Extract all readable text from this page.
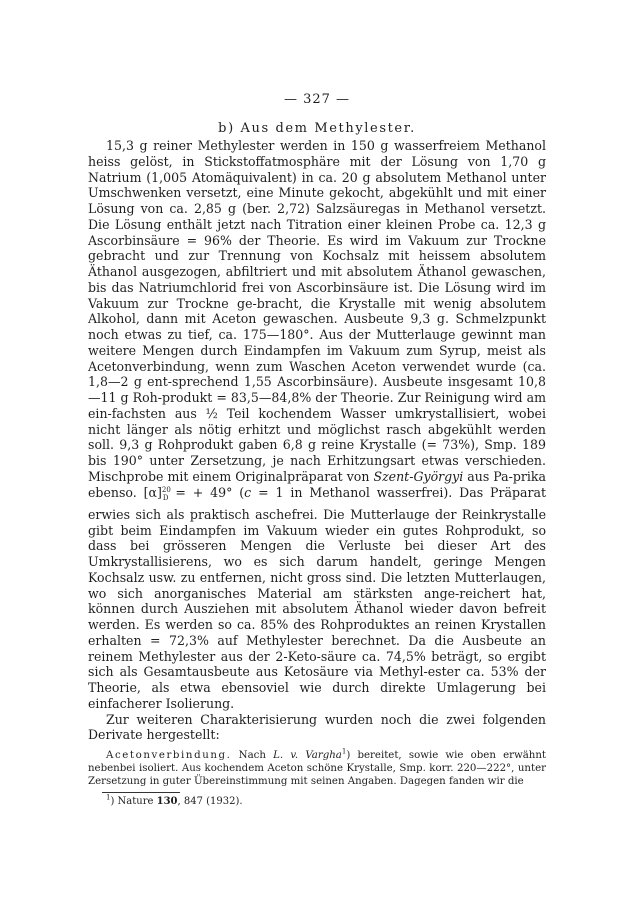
— 327 —
b) Aus dem Methylester.

15,3 g reiner Methylester werden in 150 g wasserfreiem Methanol heiss gelöst, in Stickstoffatmosphäre mit der Lösung von 1,70 g Natrium (1,005 Atomäquivalent) in ca. 20 g absolutem Methanol unter Umschwenken versetzt, eine Minute gekocht, abgekühlt und mit einer Lösung von ca. 2,85 g (ber. 2,72) Salzsäuregas in Methanol versetzt. Die Lösung enthält jetzt nach Titration einer kleinen Probe ca. 12,3 g Ascorbinsäure = 96% der Theorie. Es wird im Vakuum zur Trockne gebracht und zur Trennung von Kochsalz mit heissem absolutem Äthanol ausgezogen, abfiltriert und mit absolutem Äthanol gewaschen, bis das Natriumchlorid frei von Ascorbinsäure ist. Die Lösung wird im Vakuum zur Trockne ge-bracht, die Krystalle mit wenig absolutem Alkohol, dann mit Aceton gewaschen. Ausbeute 9,3 g. Schmelzpunkt noch etwas zu tief, ca. 175—180°. Aus der Mutterlauge gewinnt man weitere Mengen durch Eindampfen im Vakuum zum Syrup, meist als Acetonverbindung, wenn zum Waschen Aceton verwendet wurde (ca. 1,8—2 g ent-sprechend 1,55 Ascorbinsäure). Ausbeute insgesamt 10,8—11 g Roh-produkt = 83,5—84,8% der Theorie. Zur Reinigung wird am ein-fachsten aus ½ Teil kochendem Wasser umkrystallisiert, wobei nicht länger als nötig erhitzt und möglichst rasch abgekühlt werden soll. 9,3 g Rohprodukt gaben 6,8 g reine Krystalle (= 73%), Smp. 189 bis 190° unter Zersetzung, je nach Erhitzungsart etwas verschieden. Mischprobe mit einem Originalpräparat von Szent-Györgyi aus Pa-prika ebenso. $[\alpha]^{20}_D$ = + 49° (c = 1 in Methanol wasserfrei). Das Präparat erwies sich als praktisch aschefrei. Die Mutterlauge der Reinkrystalle gibt beim Eindampfen im Vakuum wieder ein gutes Rohprodukt, so dass bei grösseren Mengen die Verluste bei dieser Art des Umkrystallisierens, wo es sich darum handelt, geringe Mengen Kochsalz usw. zu entfernen, nicht gross sind. Die letzten Mutterlaugen, wo sich anorganisches Material am stärksten ange-reichert hat, können durch Ausziehen mit absolutem Äthanol wieder davon befreit werden. Es werden so ca. 85% des Rohproduktes an reinen Krystallen erhalten = 72,3% auf Methylester berechnet. Da die Ausbeute an reinem Methylester aus der 2-Keto-säure ca. 74,5% beträgt, so ergibt sich als Gesamtausbeute aus Ketosäure via Methyl-ester ca. 53% der Theorie, als etwa ebensoviel wie durch direkte Umlagerung bei einfacherer Isolierung.

Zur weiteren Charakterisierung wurden noch die zwei folgenden Derivate hergestellt:

Acetonverbindung. Nach L. v. Vargha$^1$) bereitet, sowie wie oben erwähnt nebenbei isoliert. Aus kochendem Aceton schöne Krystalle, Smp. korr. 220—222°, unter Zersetzung in guter Übereinstimmung mit seinen Angaben. Dagegen fanden wir die

$^1$) Nature 130, 847 (1932).
